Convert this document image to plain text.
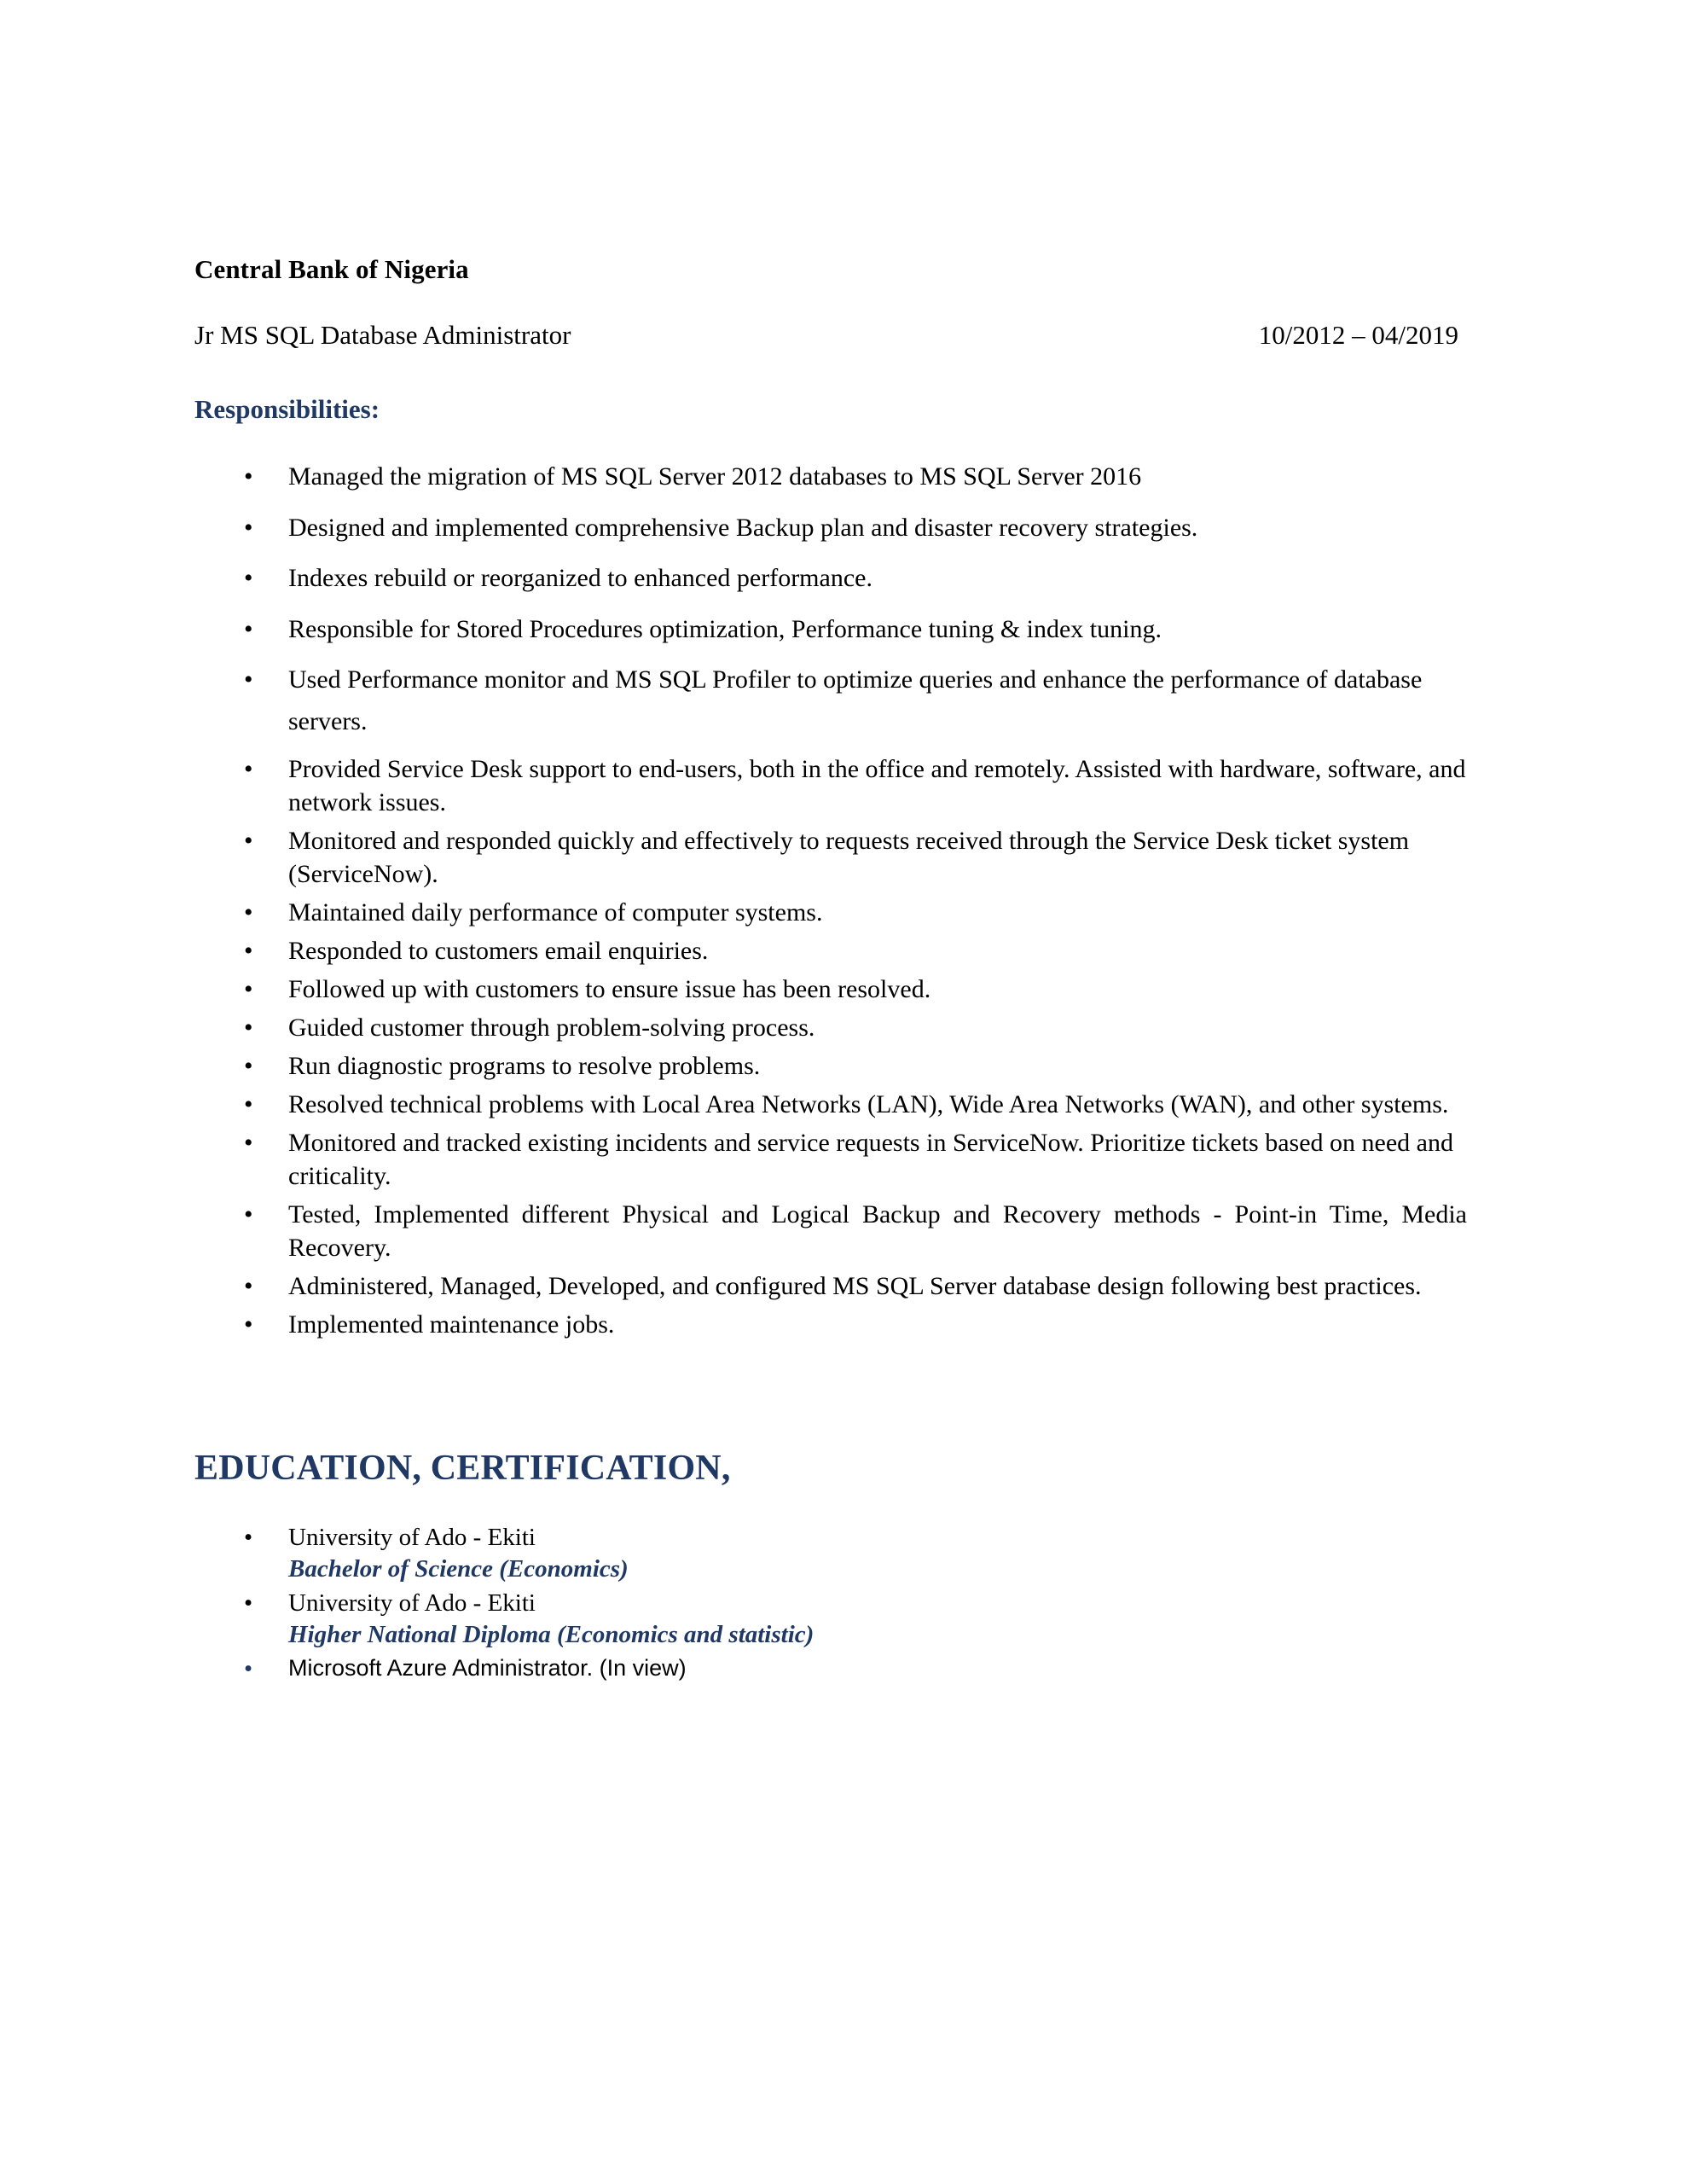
Central Bank of Nigeria
Jr MS SQL Database Administrator	10/2012 – 04/2019
Responsibilities:
• Managed the migration of MS SQL Server 2012 databases to MS SQL Server 2016
• Designed and implemented comprehensive Backup plan and disaster recovery strategies.
• Indexes rebuild or reorganized to enhanced performance.
• Responsible for Stored Procedures optimization, Performance tuning & index tuning.
• Used Performance monitor and MS SQL Profiler to optimize queries and enhance the performance of database servers.
• Provided Service Desk support to end-users, both in the office and remotely. Assisted with hardware, software, and network issues.
• Monitored and responded quickly and effectively to requests received through the Service Desk ticket system (ServiceNow).
• Maintained daily performance of computer systems.
• Responded to customers email enquiries.
• Followed up with customers to ensure issue has been resolved.
• Guided customer through problem-solving process.
• Run diagnostic programs to resolve problems.
• Resolved technical problems with Local Area Networks (LAN), Wide Area Networks (WAN), and other systems.
• Monitored and tracked existing incidents and service requests in ServiceNow. Prioritize tickets based on need and criticality.
• Tested, Implemented different Physical and Logical Backup and Recovery methods - Point-in Time, Media Recovery.
• Administered, Managed, Developed, and configured MS SQL Server database design following best practices.
• Implemented maintenance jobs.
EDUCATION, CERTIFICATION,
• University of Ado - Ekiti
Bachelor of Science (Economics)
• University of Ado - Ekiti
Higher National Diploma (Economics and statistic)
• Microsoft Azure Administrator. (In view)
